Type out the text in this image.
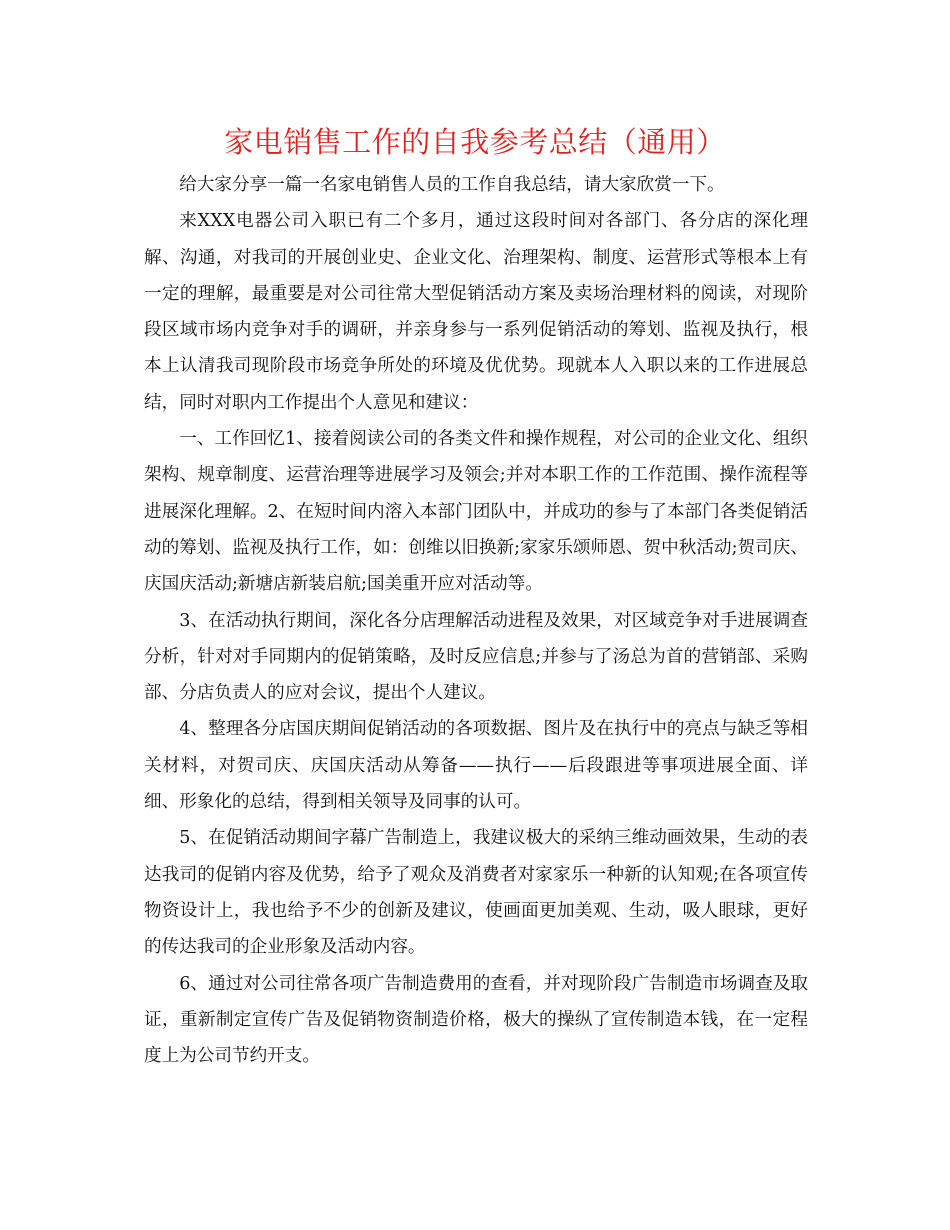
家电销售工作的自我参考总结（通用）

给大家分享一篇一名家电销售人员的工作自我总结，请大家欣赏一下。

来XXX电器公司入职已有二个多月，通过这段时间对各部门、各分店的深化理解、沟通，对我司的开展创业史、企业文化、治理架构、制度、运营形式等根本上有一定的理解，最重要是对公司往常大型促销活动方案及卖场治理材料的阅读，对现阶段区域市场内竞争对手的调研，并亲身参与一系列促销活动的筹划、监视及执行，根本上认清我司现阶段市场竞争所处的环境及优优势。现就本人入职以来的工作进展总结，同时对职内工作提出个人意见和建议：

一、工作回忆1、接着阅读公司的各类文件和操作规程，对公司的企业文化、组织架构、规章制度、运营治理等进展学习及领会;并对本职工作的工作范围、操作流程等进展深化理解。2、在短时间内溶入本部门团队中，并成功的参与了本部门各类促销活动的筹划、监视及执行工作，如：创维以旧换新;家家乐颂师恩、贺中秋活动;贺司庆、庆国庆活动;新塘店新装启航;国美重开应对活动等。

3、在活动执行期间，深化各分店理解活动进程及效果，对区域竞争对手进展调查分析，针对对手同期内的促销策略，及时反应信息;并参与了汤总为首的营销部、采购部、分店负责人的应对会议，提出个人建议。

4、整理各分店国庆期间促销活动的各项数据、图片及在执行中的亮点与缺乏等相关材料，对贺司庆、庆国庆活动从筹备——执行——后段跟进等事项进展全面、详细、形象化的总结，得到相关领导及同事的认可。

5、在促销活动期间字幕广告制造上，我建议极大的采纳三维动画效果，生动的表达我司的促销内容及优势，给予了观众及消费者对家家乐一种新的认知观;在各项宣传物资设计上，我也给予不少的创新及建议，使画面更加美观、生动，吸人眼球，更好的传达我司的企业形象及活动内容。

6、通过对公司往常各项广告制造费用的查看，并对现阶段广告制造市场调查及取证，重新制定宣传广告及促销物资制造价格，极大的操纵了宣传制造本钱，在一定程度上为公司节约开支。
